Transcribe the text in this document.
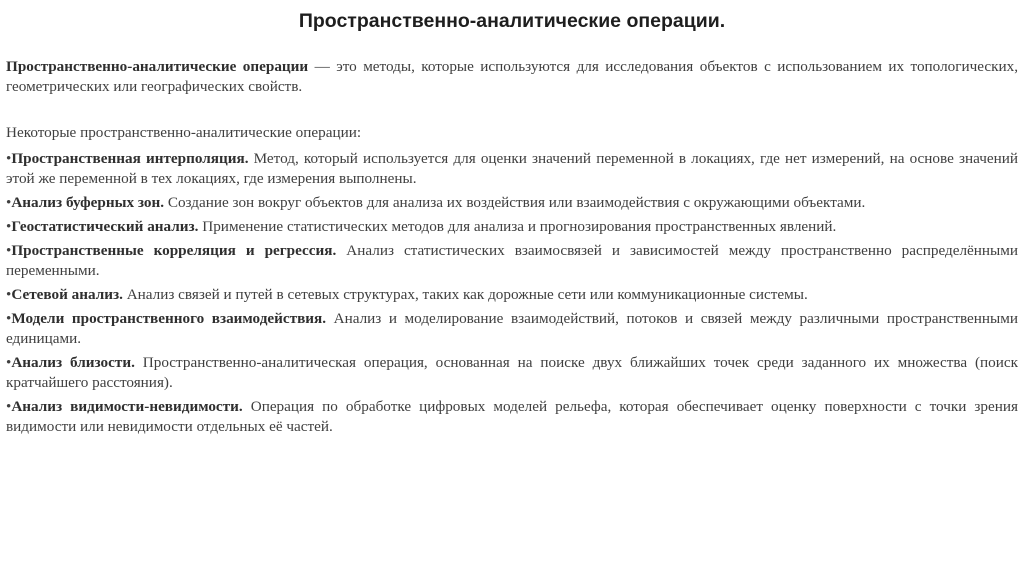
Пространственно-аналитические операции.

Пространственно-аналитические операции — это методы, которые используются для исследования объектов с использованием их топологических, геометрических или географических свойств.

Некоторые пространственно-аналитические операции:

•Пространственная интерполяция. Метод, который используется для оценки значений переменной в локациях, где нет измерений, на основе значений этой же переменной в тех локациях, где измерения выполнены.
•Анализ буферных зон. Создание зон вокруг объектов для анализа их воздействия или взаимодействия с окружающими объектами.
•Геостатистический анализ. Применение статистических методов для анализа и прогнозирования пространственных явлений.
•Пространственные корреляция и регрессия. Анализ статистических взаимосвязей и зависимостей между пространственно распределёнными переменными.
•Сетевой анализ. Анализ связей и путей в сетевых структурах, таких как дорожные сети или коммуникационные системы.
•Модели пространственного взаимодействия. Анализ и моделирование взаимодействий, потоков и связей между различными пространственными единицами.
•Анализ близости. Пространственно-аналитическая операция, основанная на поиске двух ближайших точек среди заданного их множества (поиск кратчайшего расстояния).
•Анализ видимости-невидимости. Операция по обработке цифровых моделей рельефа, которая обеспечивает оценку поверхности с точки зрения видимости или невидимости отдельных её частей.
